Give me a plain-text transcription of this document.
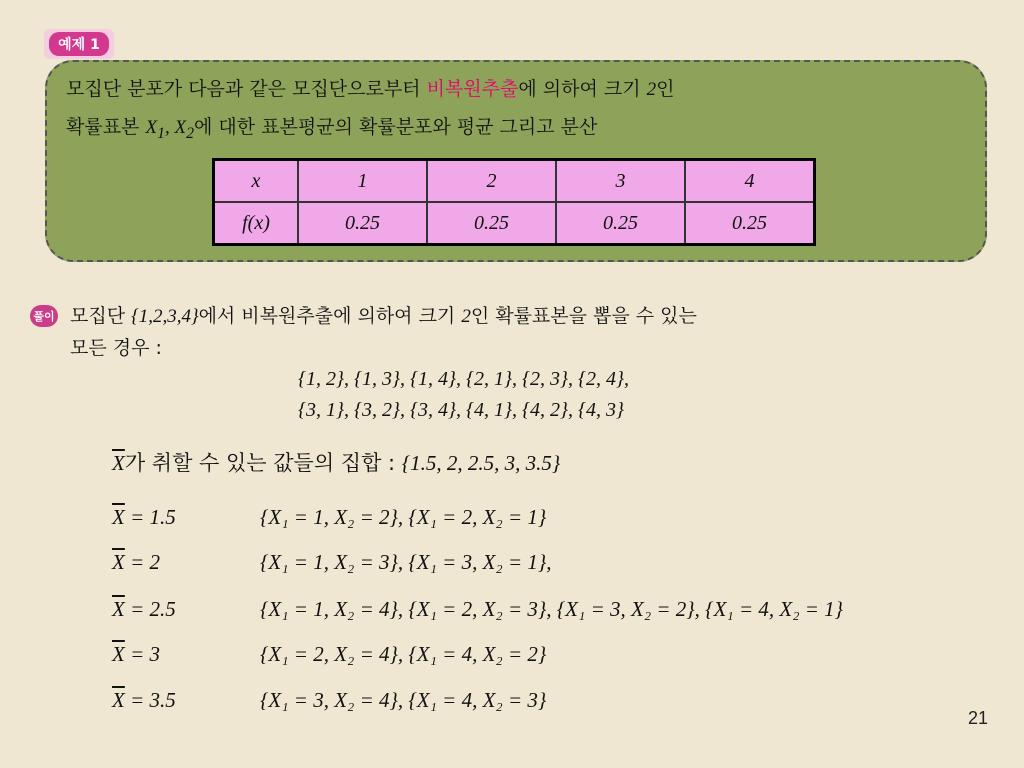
예제 1
모집단 분포가 다음과 같은 모집단으로부터 비복원추출에 의하여 크기 2인
확률표본 $X_1$, $X_2$에 대한 표본평균의 확률분포와 평균 그리고 분산
x	1	2	3	4
f(x)	0.25	0.25	0.25	0.25
풀이 모집단 {1,2,3,4}에서 비복원추출에 의하여 크기 2인 확률표본을 뽑을 수 있는
모든 경우 :
{1, 2}, {1, 3}, {1, 4}, {2, 1}, {2, 3}, {2, 4},
{3, 1}, {3, 2}, {3, 4}, {4, 1}, {4, 2}, {4, 3}
$\overline{X}$가 취할 수 있는 값들의 집합 : {1.5, 2, 2.5, 3, 3.5}
$\overline{X} = 1.5$	{X₁ = 1, X₂ = 2}, {X₁ = 2, X₂ = 1}
$\overline{X} = 2$	{X₁ = 1, X₂ = 3}, {X₁ = 3, X₂ = 1},
$\overline{X} = 2.5$	{X₁ = 1, X₂ = 4}, {X₁ = 2, X₂ = 3}, {X₁ = 3, X₂ = 2}, {X₁ = 4, X₂ = 1}
$\overline{X} = 3$	{X₁ = 2, X₂ = 4}, {X₁ = 4, X₂ = 2}
$\overline{X} = 3.5$	{X₁ = 3, X₂ = 4}, {X₁ = 4, X₂ = 3}
21
